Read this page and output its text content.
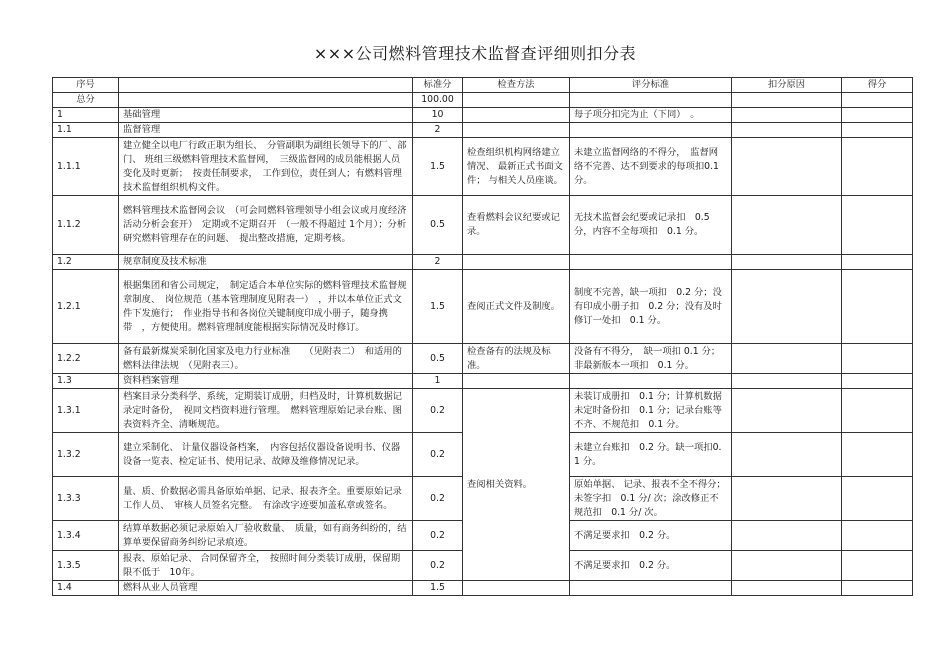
×××公司燃料管理技术监督查评细则扣分表
序号		标准分	检查方法	评分标准	扣分原因	得分
总分		100.00				
1	基础管理	10		每子项分扣完为止（下同）　。		
1.1	监督管理	2				
1.1.1	建立健全以电厂行政正职为组长、　分管副职为副组长领导下的厂、部门、 班组三级燃料管理技术监督网，　三级监督网的成员能根据人员变化及时更新；　按责任制要求，　工作到位，责任到人；有燃料管理技术监督组织机构文件。	1.5	检查组织机构网络建立情况、 最新正式书面文件； 与相关人员座谈。	未建立监督网络的不得分，　监督网络不完善、达不到要求的每项扣0.1 分。		
1.1.2	燃料管理技术监督网会议　（可会同燃料管理领导小组会议或月度经济活动分析会套开）　定期或不定期召开　（一般不得超过 1个月）；分析研究燃料管理存在的问题、　提出整改措施，定期考核。	0.5	查看燃料会议纪要或记录。	无技术监督会纪要或记录扣　0.5 分，内容不全每项扣　0.1 分。		
1.2	规章制度及技术标准	2				
1.2.1	根据集团和省公司规定，　制定适合本单位实际的燃料管理技术监督规章制度、　岗位规范（基本管理制度见附表一）　，并以本单位正式文件下发施行；　作业指导书和各岗位关键制度印成小册子，随身携带　，方便使用。燃料管理制度能根据实际情况及时修订。	1.5	查阅正式文件及制度。	制度不完善，缺一项扣　0.2 分；没有印成小册子扣　0.2 分；没有及时修订一处扣　0.1 分。		
1.2.2	备有最新煤炭采制化国家及电力行业标准　　（见附表二）　和适用的燃料法律法规　（见附表三）。	0.5	检查备有的法规及标准。	没备有不得分，　缺一项扣 0.1 分；非最新版本一项扣　0.1 分。		
1.3	资料档案管理	1				
1.3.1	档案目录分类科学、系统，定期装订成册，归档及时，计算机数据记录定时备份，　视同文档资料进行管理。　燃料管理原始记录台账、图表资料齐全、清晰规范。	0.2	查阅相关资料。	未装订成册扣　0.1 分；计算机数据未定时备份扣　0.1 分；记录台账等不齐、不规范扣　0.1 分。		
1.3.2	建立采制化、 计量仪器设备档案，　内容包括仪器设备说明书、仪器设备一览表、检定证书、使用记录、故障及维修情况记录。	0.2		未建立台账扣　0.2 分。缺一项扣0.1 分。		
1.3.3	量、质、价数据必需具备原始单据、记录、报表齐全。重要原始记录工作人员、　审核人员签名完整。　有涂改字迹要加盖私章或签名。	0.2		原始单据、 记录、报表不全不得分；未签字扣　0.1 分/ 次；涂改修正不规范扣　0.1 分/ 次。		
1.3.4	结算单数据必须记录原始入厂验收数量、　质量，如有商务纠纷的，结算单要保留商务纠纷记录痕迹。	0.2		不满足要求扣　0.2 分。		
1.3.5	报表、原始记录、 合同保留齐全，　按照时间分类装订成册，保留期限不低于　10年。	0.2		不满足要求扣　0.2 分。		
1.4	燃料从业人员管理	1.5				
